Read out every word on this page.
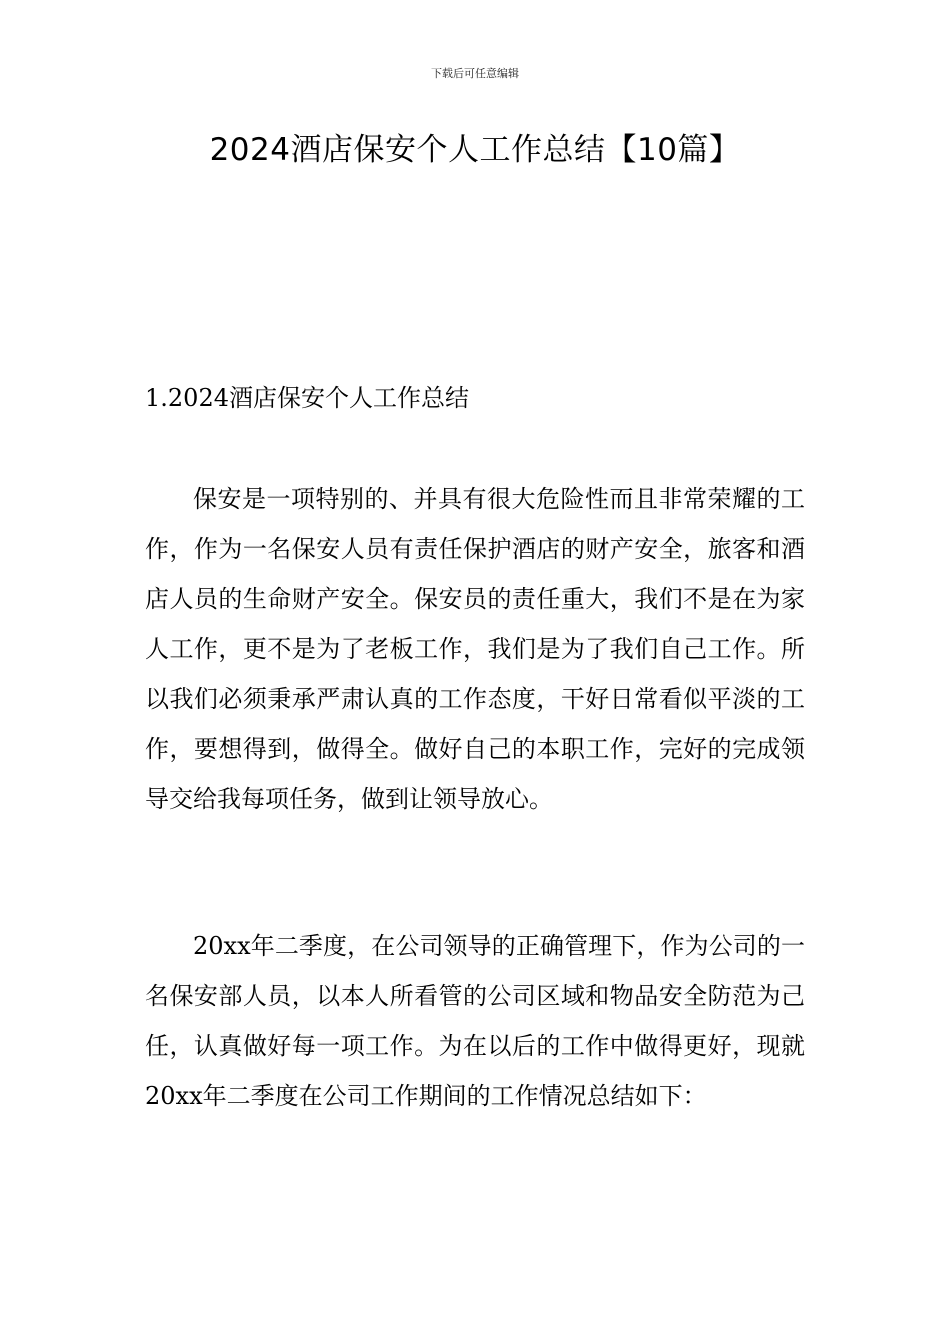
下载后可任意编辑
2024酒店保安个人工作总结【10篇】
1.2024酒店保安个人工作总结

保安是一项特别的、并具有很大危险性而且非常荣耀的工作，作为一名保安人员有责任保护酒店的财产安全，旅客和酒店人员的生命财产安全。保安员的责任重大，我们不是在为家人工作，更不是为了老板工作，我们是为了我们自己工作。所以我们必须秉承严肃认真的工作态度，干好日常看似平淡的工作，要想得到，做得全。做好自己的本职工作，完好的完成领导交给我每项任务，做到让领导放心。

20xx年二季度，在公司领导的正确管理下，作为公司的一名保安部人员，以本人所看管的公司区域和物品安全防范为己任，认真做好每一项工作。为在以后的工作中做得更好，现就20xx年二季度在公司工作期间的工作情况总结如下：
